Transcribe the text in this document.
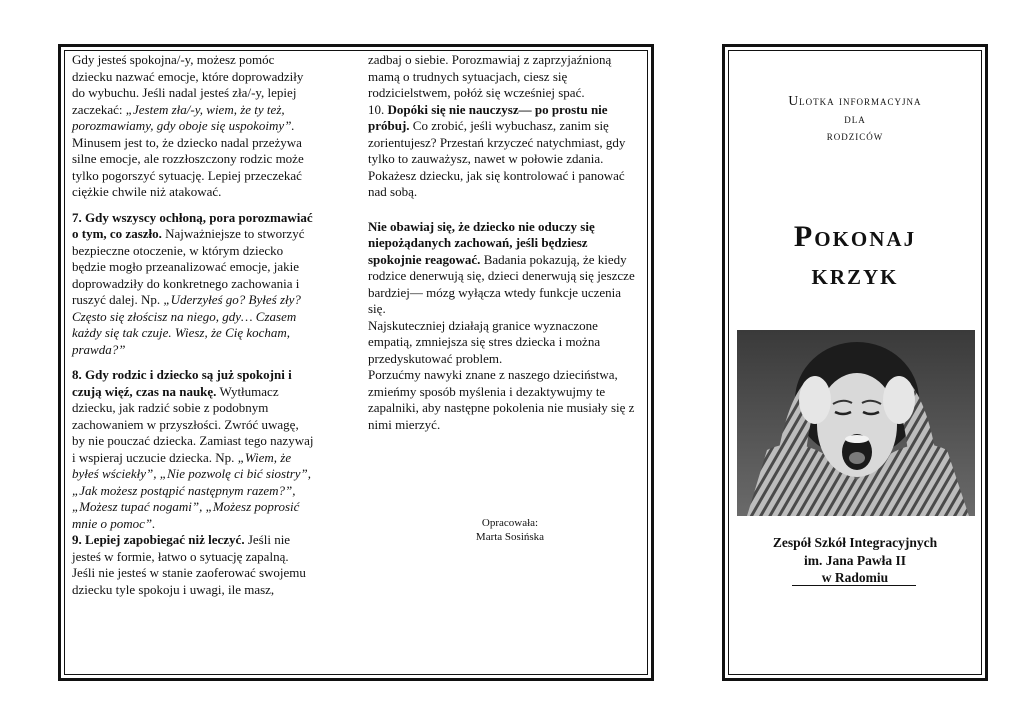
Gdy jesteś spokojna/-y, możesz pomóc dziecku nazwać emocje, które doprowadziły do wybuchu. Jeśli nadal jesteś zła/-y, lepiej zaczekać: „Jestem zła/-y, wiem, że ty też, porozmawiamy, gdy oboje się uspokoimy”. Minusem jest to, że dziecko nadal przeżywa silne emocje, ale rozzłoszczony rodzic może tylko pogorszyć sytuację. Lepiej przeczekać ciężkie chwile niż atakować.

7. Gdy wszyscy ochłoną, pora porozmawiać o tym, co zaszło. Najważniejsze to stworzyć bezpieczne otoczenie, w którym dziecko będzie mogło przeanalizować emocje, jakie doprowadziły do konkretnego zachowania i ruszyć dalej. Np. „Uderzyłeś go? Byłeś zły? Często się złościsz na niego, gdy… Czasem każdy się tak czuje. Wiesz, że Cię kocham, prawda?”

8. Gdy rodzic i dziecko są już spokojni i czują więź, czas na naukę. Wytłumacz dziecku, jak radzić sobie z podobnym zachowaniem w przyszłości. Zwróć uwagę, by nie pouczać dziecka. Zamiast tego nazywaj i wspieraj uczucie dziecka. Np. „Wiem, że byłeś wściekły”, „Nie pozwolę ci bić siostry”, „Jak możesz postąpić następnym razem?”, „Możesz tupać nogami”, „Możesz poprosić mnie o pomoc”.

9. Lepiej zapobiegać niż leczyć. Jeśli nie jesteś w formie, łatwo o sytuację zapalną. Jeśli nie jesteś w stanie zaoferować swojemu dziecku tyle spokoju i uwagi, ile masz,

zadbaj o siebie. Porozmawiaj z zaprzyjaźnioną mamą o trudnych sytuacjach, ciesz się rodzicielstwem, połóż się wcześniej spać.

10. Dopóki się nie nauczysz— po prostu nie próbuj. Co zrobić, jeśli wybuchasz, zanim się zorientujesz? Przestań krzyczeć natychmiast, gdy tylko to zauważysz, nawet w połowie zdania. Pokażesz dziecku, jak się kontrolować i panować nad sobą.

Nie obawiaj się, że dziecko nie oduczy się niepożądanych zachowań, jeśli będziesz spokojnie reagować. Badania pokazują, że kiedy rodzice denerwują się, dzieci denerwują się jeszcze bardziej— mózg wyłącza wtedy funkcje uczenia się.

Najskuteczniej działają granice wyznaczone empatią, zmniejsza się stres dziecka i można przedyskutować problem.

Porzućmy nawyki znane z naszego dzieciństwa, zmieńmy sposób myślenia i dezaktywujmy te zapalniki, aby następne pokolenia nie musiały się z nimi mierzyć.

Opracowała:
Marta Sosińska
Ulotka informacyjna
dla
rodziców
Pokonaj
krzyk
Zespół Szkół Integracyjnych
im. Jana Pawła II
w Radomiu
